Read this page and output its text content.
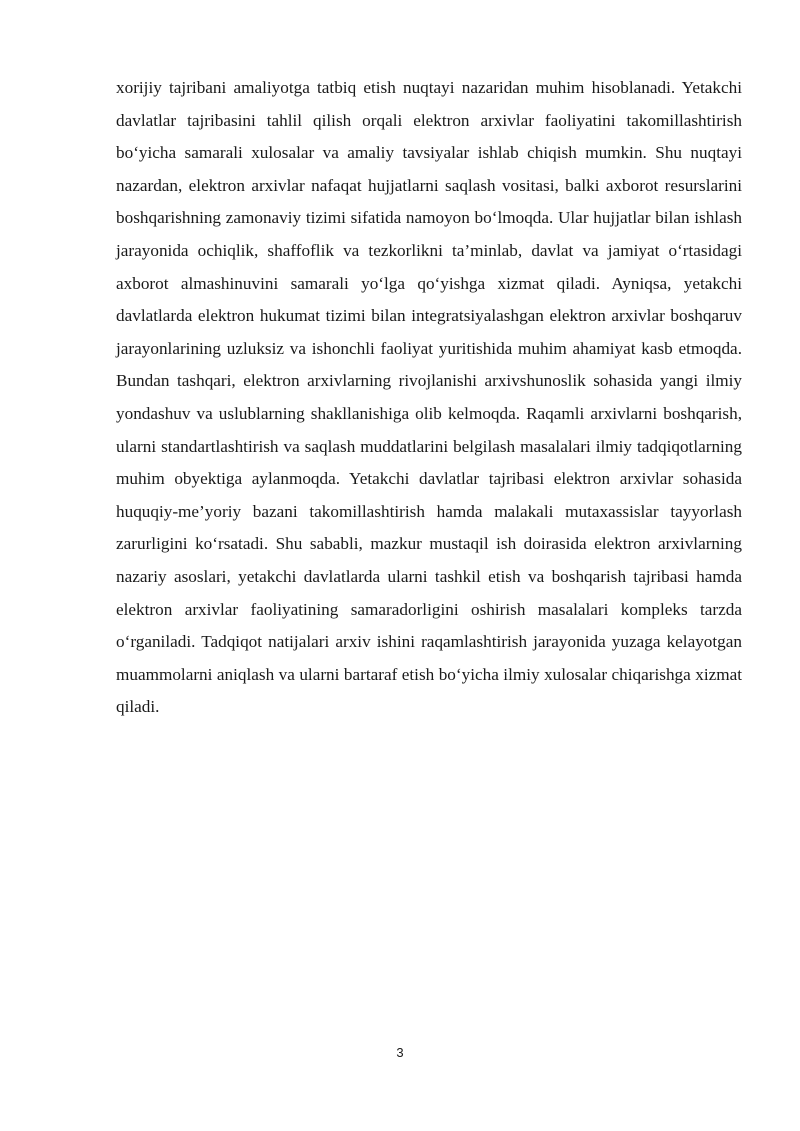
xorijiy tajribani amaliyotga tatbiq etish nuqtayi nazaridan muhim hisoblanadi. Yetakchi davlatlar tajribasini tahlil qilish orqali elektron arxivlar faoliyatini takomillashtirish bo‘yicha samarali xulosalar va amaliy tavsiyalar ishlab chiqish mumkin. Shu nuqtayi nazardan, elektron arxivlar nafaqat hujjatlarni saqlash vositasi, balki axborot resurslarini boshqarishning zamonaviy tizimi sifatida namoyon bo‘lmoqda. Ular hujjatlar bilan ishlash jarayonida ochiqlik, shaffoflik va tezkorlikni ta’minlab, davlat va jamiyat o‘rtasidagi axborot almashinuvini samarali yo‘lga qo‘yishga xizmat qiladi. Ayniqsa, yetakchi davlatlarda elektron hukumat tizimi bilan integratsiyalashgan elektron arxivlar boshqaruv jarayonlarining uzluksiz va ishonchli faoliyat yuritishida muhim ahamiyat kasb etmoqda. Bundan tashqari, elektron arxivlarning rivojlanishi arxivshunoslik sohasida yangi ilmiy yondashuv va uslublarning shakllanishiga olib kelmoqda. Raqamli arxivlarni boshqarish, ularni standartlashtirish va saqlash muddatlarini belgilash masalalari ilmiy tadqiqotlarning muhim obyektiga aylanmoqda. Yetakchi davlatlar tajribasi elektron arxivlar sohasida huquqiy-me’yoriy bazani takomillashtirish hamda malakali mutaxassislar tayyorlash zarurligini ko‘rsatadi. Shu sababli, mazkur mustaqil ish doirasida elektron arxivlarning nazariy asoslari, yetakchi davlatlarda ularni tashkil etish va boshqarish tajribasi hamda elektron arxivlar faoliyatining samaradorligini oshirish masalalari kompleks tarzda o‘rganiladi. Tadqiqot natijalari arxiv ishini raqamlashtirish jarayonida yuzaga kelayotgan muammolarni aniqlash va ularni bartaraf etish bo‘yicha ilmiy xulosalar chiqarishga xizmat qiladi.

3
